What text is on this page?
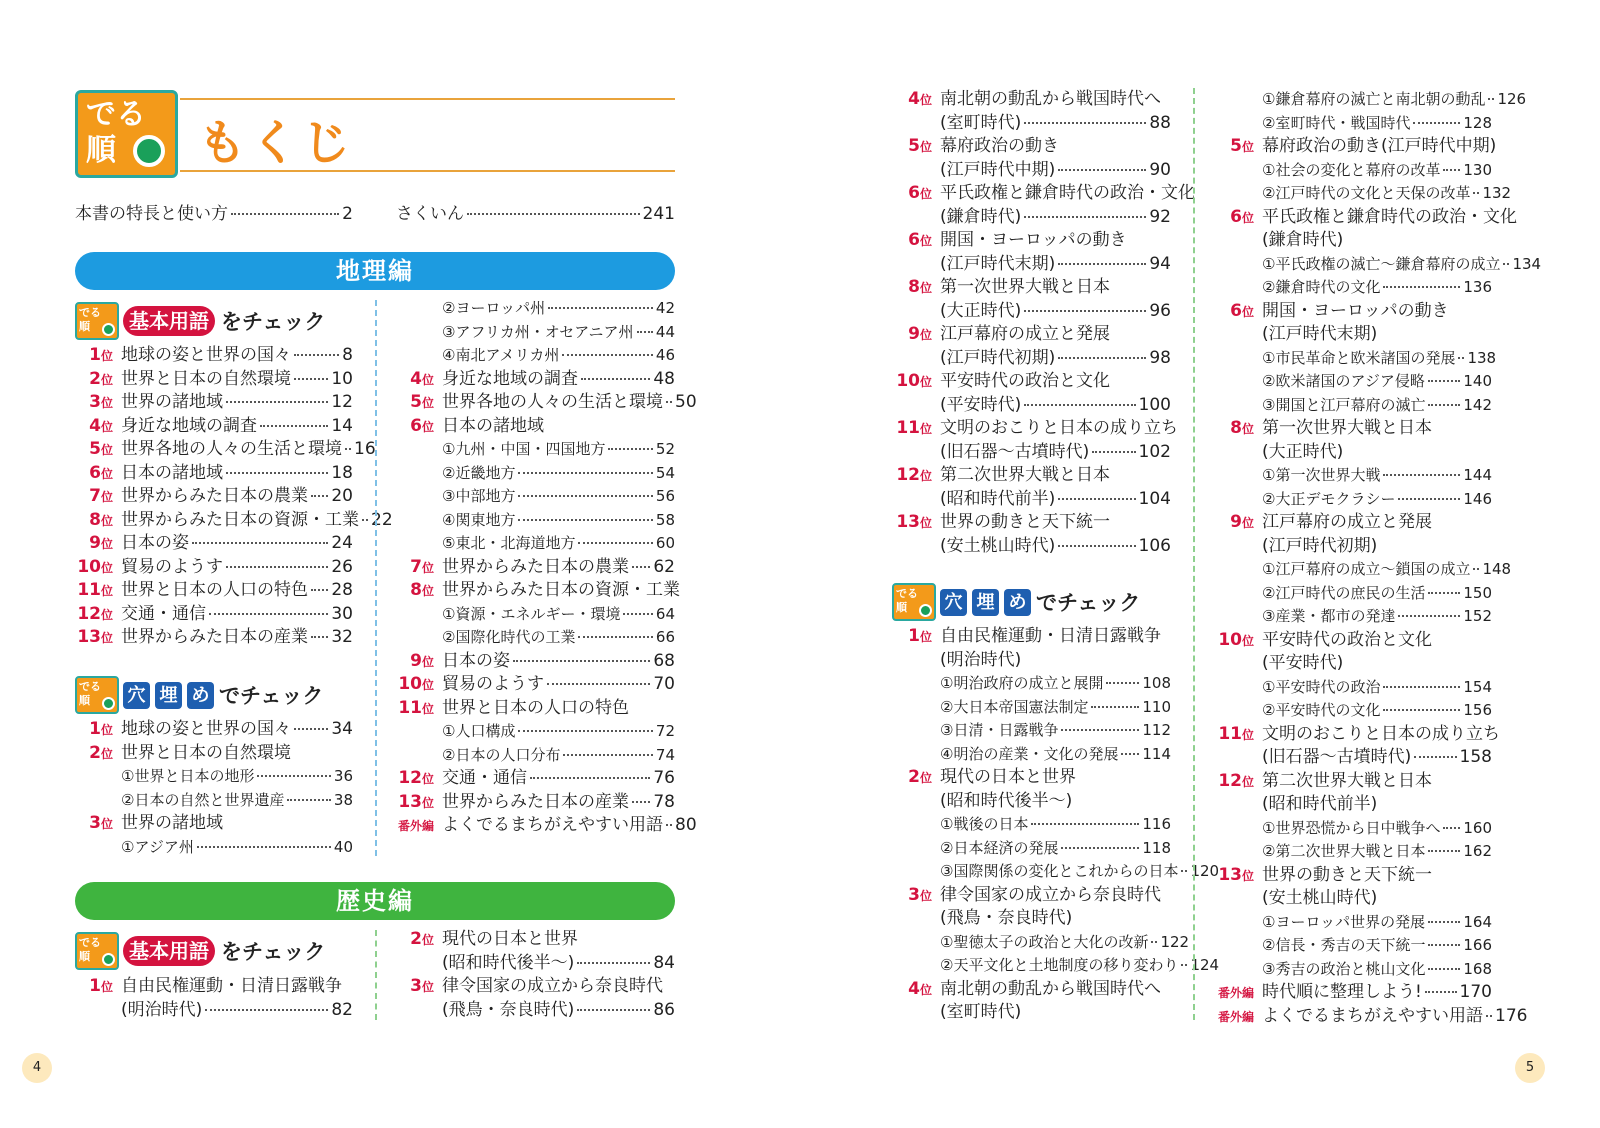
でる
順	もくじ
本書の特長と使い方	2	さくいん	241
地理編
でる
順	基本用語 をチェック
1位 地球の姿と世界の国々	8
2位 世界と日本の自然環境 10
3位 世界の諸地域	12
4位 身近な地域の調査	14
5位 世界各地の人々の生活と環境 16
6位 日本の諸地域	18
7位 世界からみた日本の農業 20
8位 世界からみた日本の資源・工業 22
9位 日本の姿	24
10位 貿易のようす	26
11位 世界と日本の人口の特色 28
12位 交通・通信	30
13位 世界からみた日本の産業 32
でる
順	穴 埋 め でチェック
1位 地球の姿と世界の国々 34
2位 世界と日本の自然環境
①世界と日本の地形	36
②日本の自然と世界遺産	38
3位 世界の諸地域
①アジア州	40
②ヨーロッパ州	42
③アフリカ州・オセアニア州 44
④南北アメリカ州	46
4位 身近な地域の調査	48
5位 世界各地の人々の生活と環境 50
6位 日本の諸地域
①九州・中国・四国地方	52
②近畿地方	54
③中部地方	56
④関東地方	58
⑤東北・北海道地方	60
7位 世界からみた日本の農業 62
8位 世界からみた日本の資源・工業
①資源・エネルギー・環境 64
②国際化時代の工業	66
9位 日本の姿	68
10位 貿易のようす	70
11位 世界と日本の人口の特色
①人口構成	72
②日本の人口分布	74
12位 交通・通信	76
13位 世界からみた日本の産業 78
番外編 よくでるまちがえやすい用語 80
歴史編
でる
順	基本用語 をチェック
1位 自由民権運動・日清日露戦争
(明治時代)	82
2位 現代の日本と世界
(昭和時代後半〜)	84
3位 律令国家の成立から奈良時代
(飛鳥・奈良時代)	86
4位 南北朝の動乱から戦国時代へ
(室町時代)	88
5位 幕府政治の動き
(江戸時代中期)	90
6位 平氏政権と鎌倉時代の政治・文化
(鎌倉時代)	92
6位 開国・ヨーロッパの動き
(江戸時代末期)	94
8位 第一次世界大戦と日本
(大正時代)	96
9位 江戸幕府の成立と発展
(江戸時代初期)	98
10位 平安時代の政治と文化
(平安時代)	100
11位 文明のおこりと日本の成り立ち
(旧石器〜古墳時代)	102
12位 第二次世界大戦と日本
(昭和時代前半)	104
13位 世界の動きと天下統一
(安土桃山時代)	106
でる
順	穴 埋 め でチェック
1位 自由民権運動・日清日露戦争
(明治時代)
①明治政府の成立と展開	108
②大日本帝国憲法制定	110
③日清・日露戦争	112
④明治の産業・文化の発展 114
2位 現代の日本と世界
(昭和時代後半〜)
①戦後の日本	116
②日本経済の発展	118
③国際関係の変化とこれからの日本 120
3位 律令国家の成立から奈良時代
(飛鳥・奈良時代)
①聖徳太子の政治と大化の改新 122
②天平文化と土地制度の移り変わり 124
4位 南北朝の動乱から戦国時代へ
(室町時代)
①鎌倉幕府の滅亡と南北朝の動乱 126
②室町時代・戦国時代	128
5位 幕府政治の動き(江戸時代中期)
①社会の変化と幕府の改革 130
②江戸時代の文化と天保の改革 132
6位 平氏政権と鎌倉時代の政治・文化
(鎌倉時代)
①平氏政権の滅亡〜鎌倉幕府の成立 134
②鎌倉時代の文化	136
6位 開国・ヨーロッパの動き
(江戸時代末期)
①市民革命と欧米諸国の発展 138
②欧米諸国のアジア侵略	140
③開国と江戸幕府の滅亡	142
8位 第一次世界大戦と日本
(大正時代)
①第一次世界大戦	144
②大正デモクラシー	146
9位 江戸幕府の成立と発展
(江戸時代初期)
①江戸幕府の成立〜鎖国の成立 148
②江戸時代の庶民の生活	150
③産業・都市の発達	152
10位 平安時代の政治と文化
(平安時代)
①平安時代の政治	154
②平安時代の文化	156
11位 文明のおこりと日本の成り立ち
(旧石器〜古墳時代)	158
12位 第二次世界大戦と日本
(昭和時代前半)
①世界恐慌から日中戦争へ 160
②第二次世界大戦と日本	162
13位 世界の動きと天下統一
(安土桃山時代)
①ヨーロッパ世界の発展	164
②信長・秀吉の天下統一	166
③秀吉の政治と桃山文化	168
番外編 時代順に整理しよう! 170
番外編 よくでるまちがえやすい用語 176
4	5
